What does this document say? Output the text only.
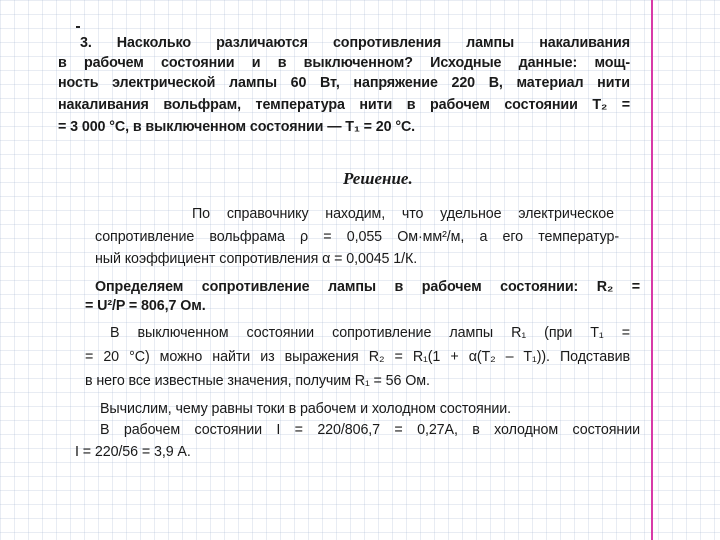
3. Насколько различаются сопротивления лампы накаливания
в рабочем состоянии и в выключенном? Исходные данные: мощ-
ность электрической лампы 60 Вт, напряжение 220 В, материал нити
накаливания вольфрам, температура нити в рабочем состоянии T₂ =
= 3 000 °С, в выключенном состоянии — T₁ = 20 °С.
Решение.
По справочнику находим, что удельное электрическое
сопротивление вольфрама ρ = 0,055 Ом·мм²/м, а его температур-
ный коэффициент сопротивления α = 0,0045 1/К.
Определяем сопротивление лампы в рабочем состоянии: R₂ =
= U²/P = 806,7 Ом.
В выключенном состоянии сопротивление лампы R₁ (при T₁ =
= 20 °С) можно найти из выражения R₂ = R₁(1 + α(T₂ – T₁)). Подставив
в него все известные значения, получим R₁ = 56 Ом.
Вычислим, чему равны токи в рабочем и холодном состоянии.
В рабочем состоянии I = 220/806,7 = 0,27А, в холодном состоянии
I = 220/56 = 3,9 А.
